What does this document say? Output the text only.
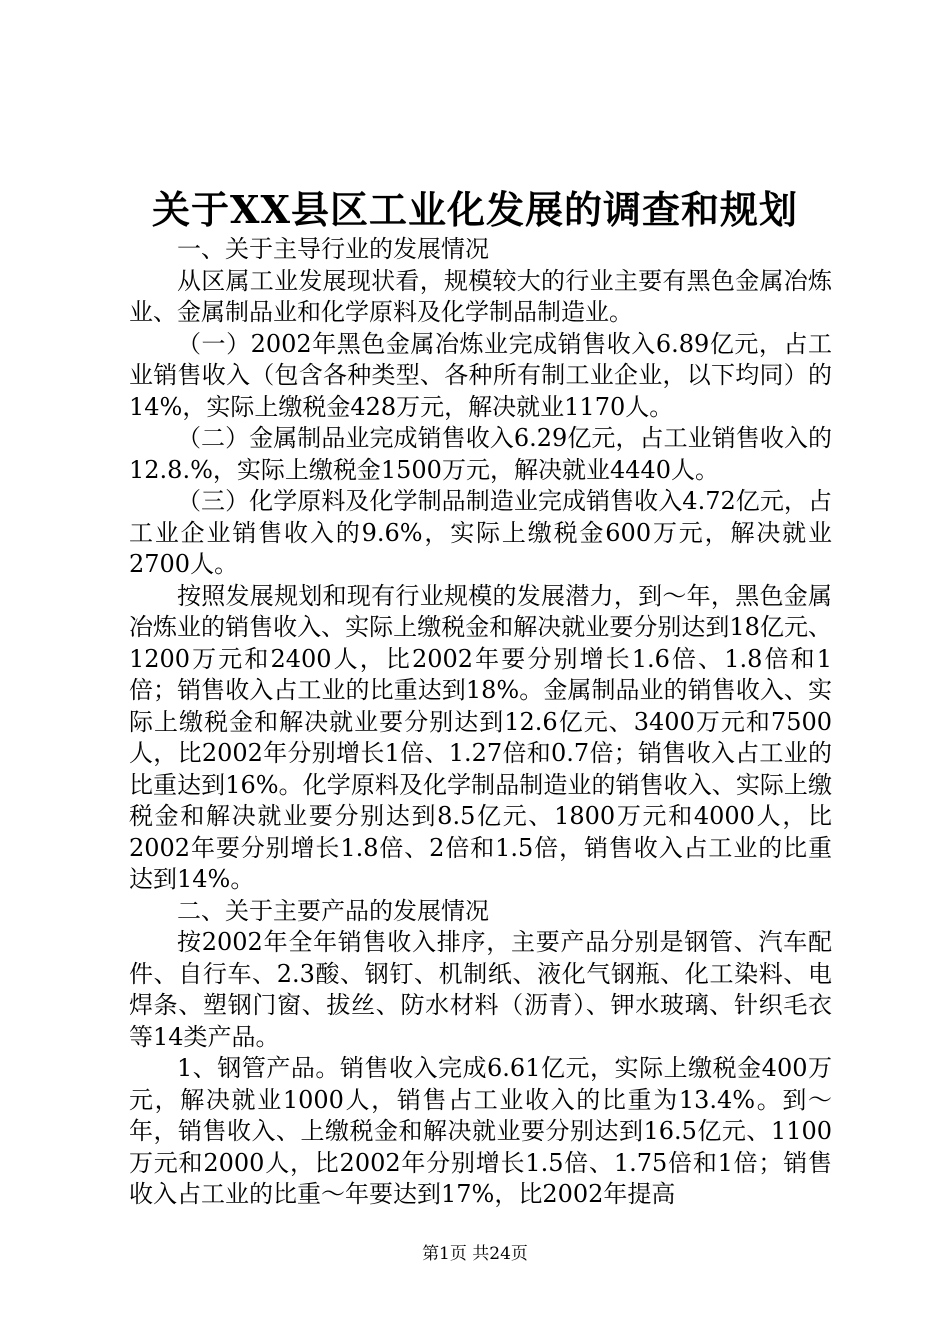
关于XX县区工业化发展的调查和规划

一、关于主导行业的发展情况

从区属工业发展现状看，规模较大的行业主要有黑色金属冶炼业、金属制品业和化学原料及化学制品制造业。

（一）2002年黑色金属冶炼业完成销售收入6.89亿元，占工业销售收入（包含各种类型、各种所有制工业企业，以下均同）的14%，实际上缴税金428万元，解决就业1170人。

（二）金属制品业完成销售收入6.29亿元，占工业销售收入的12.8.%，实际上缴税金1500万元，解决就业4440人。

（三）化学原料及化学制品制造业完成销售收入4.72亿元，占工业企业销售收入的9.6%，实际上缴税金600万元，解决就业2700人。

按照发展规划和现有行业规模的发展潜力，到～年，黑色金属冶炼业的销售收入、实际上缴税金和解决就业要分别达到18亿元、1200万元和2400人，比2002年要分别增长1.6倍、1.8倍和1倍；销售收入占工业的比重达到18%。金属制品业的销售收入、实际上缴税金和解决就业要分别达到12.6亿元、3400万元和7500人，比2002年分别增长1倍、1.27倍和0.7倍；销售收入占工业的比重达到16%。化学原料及化学制品制造业的销售收入、实际上缴税金和解决就业要分别达到8.5亿元、1800万元和4000人，比2002年要分别增长1.8倍、2倍和1.5倍，销售收入占工业的比重达到14%。

二、关于主要产品的发展情况

按2002年全年销售收入排序，主要产品分别是钢管、汽车配件、自行车、2.3酸、钢钉、机制纸、液化气钢瓶、化工染料、电焊条、塑钢门窗、拔丝、防水材料（沥青）、钾水玻璃、针织毛衣等14类产品。

1、钢管产品。销售收入完成6.61亿元，实际上缴税金400万元，解决就业1000人，销售占工业收入的比重为13.4%。到～年，销售收入、上缴税金和解决就业要分别达到16.5亿元、1100万元和2000人，比2002年分别增长1.5倍、1.75倍和1倍；销售收入占工业的比重～年要达到17%，比2002年提高

第1页 共24页
